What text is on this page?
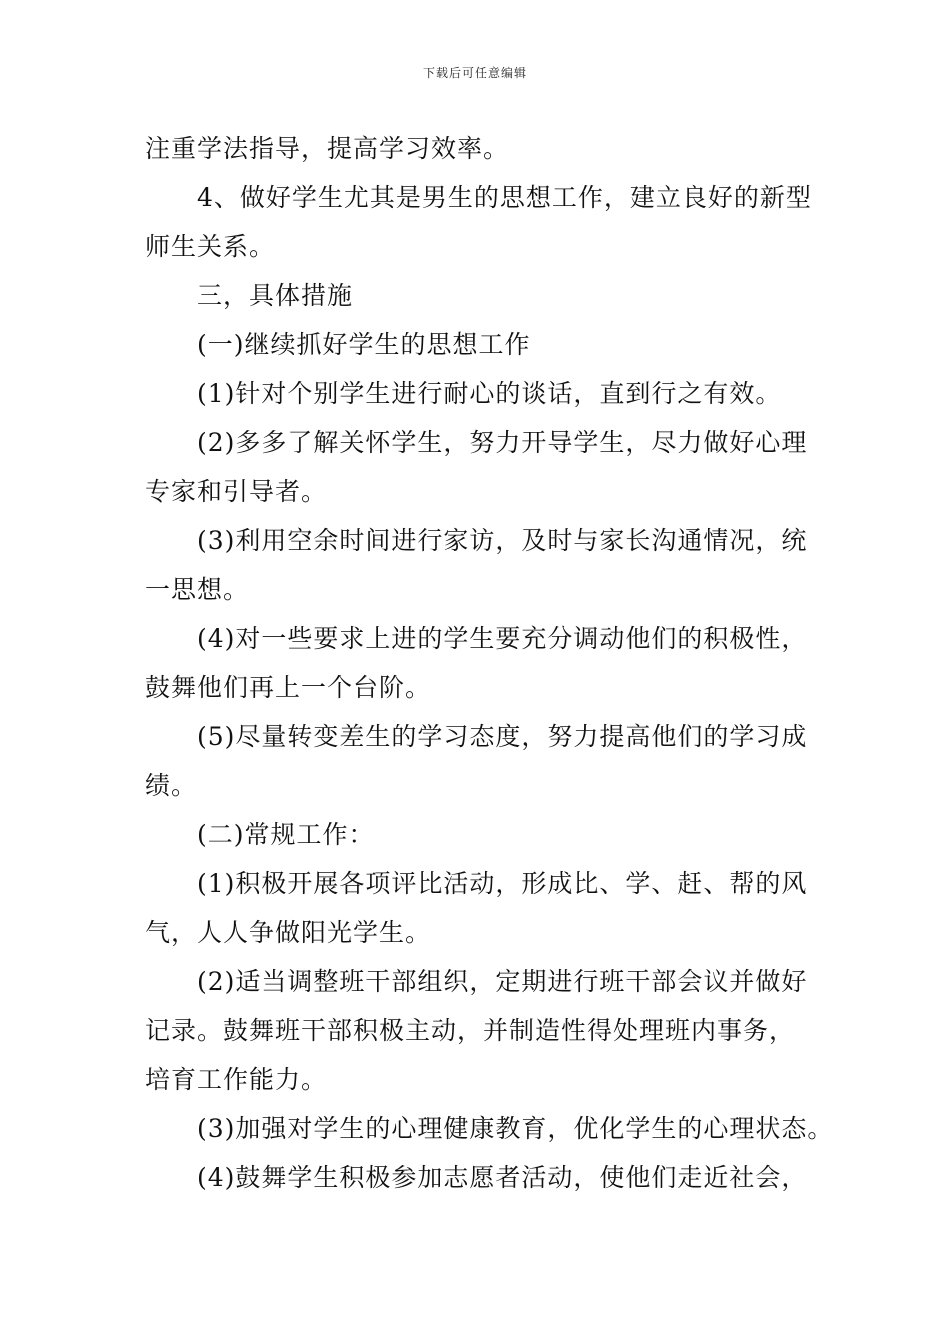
下载后可任意编辑
注重学法指导，提高学习效率。
4、做好学生尤其是男生的思想工作，建立良好的新型
师生关系。
三，具体措施
(一)继续抓好学生的思想工作
(1)针对个别学生进行耐心的谈话，直到行之有效。
(2)多多了解关怀学生，努力开导学生，尽力做好心理
专家和引导者。
(3)利用空余时间进行家访，及时与家长沟通情况，统
一思想。
(4)对一些要求上进的学生要充分调动他们的积极性，
鼓舞他们再上一个台阶。
(5)尽量转变差生的学习态度，努力提高他们的学习成
绩。
(二)常规工作：
(1)积极开展各项评比活动，形成比、学、赶、帮的风
气，人人争做阳光学生。
(2)适当调整班干部组织，定期进行班干部会议并做好
记录。鼓舞班干部积极主动，并制造性得处理班内事务，
培育工作能力。
(3)加强对学生的心理健康教育，优化学生的心理状态。
(4)鼓舞学生积极参加志愿者活动，使他们走近社会，
